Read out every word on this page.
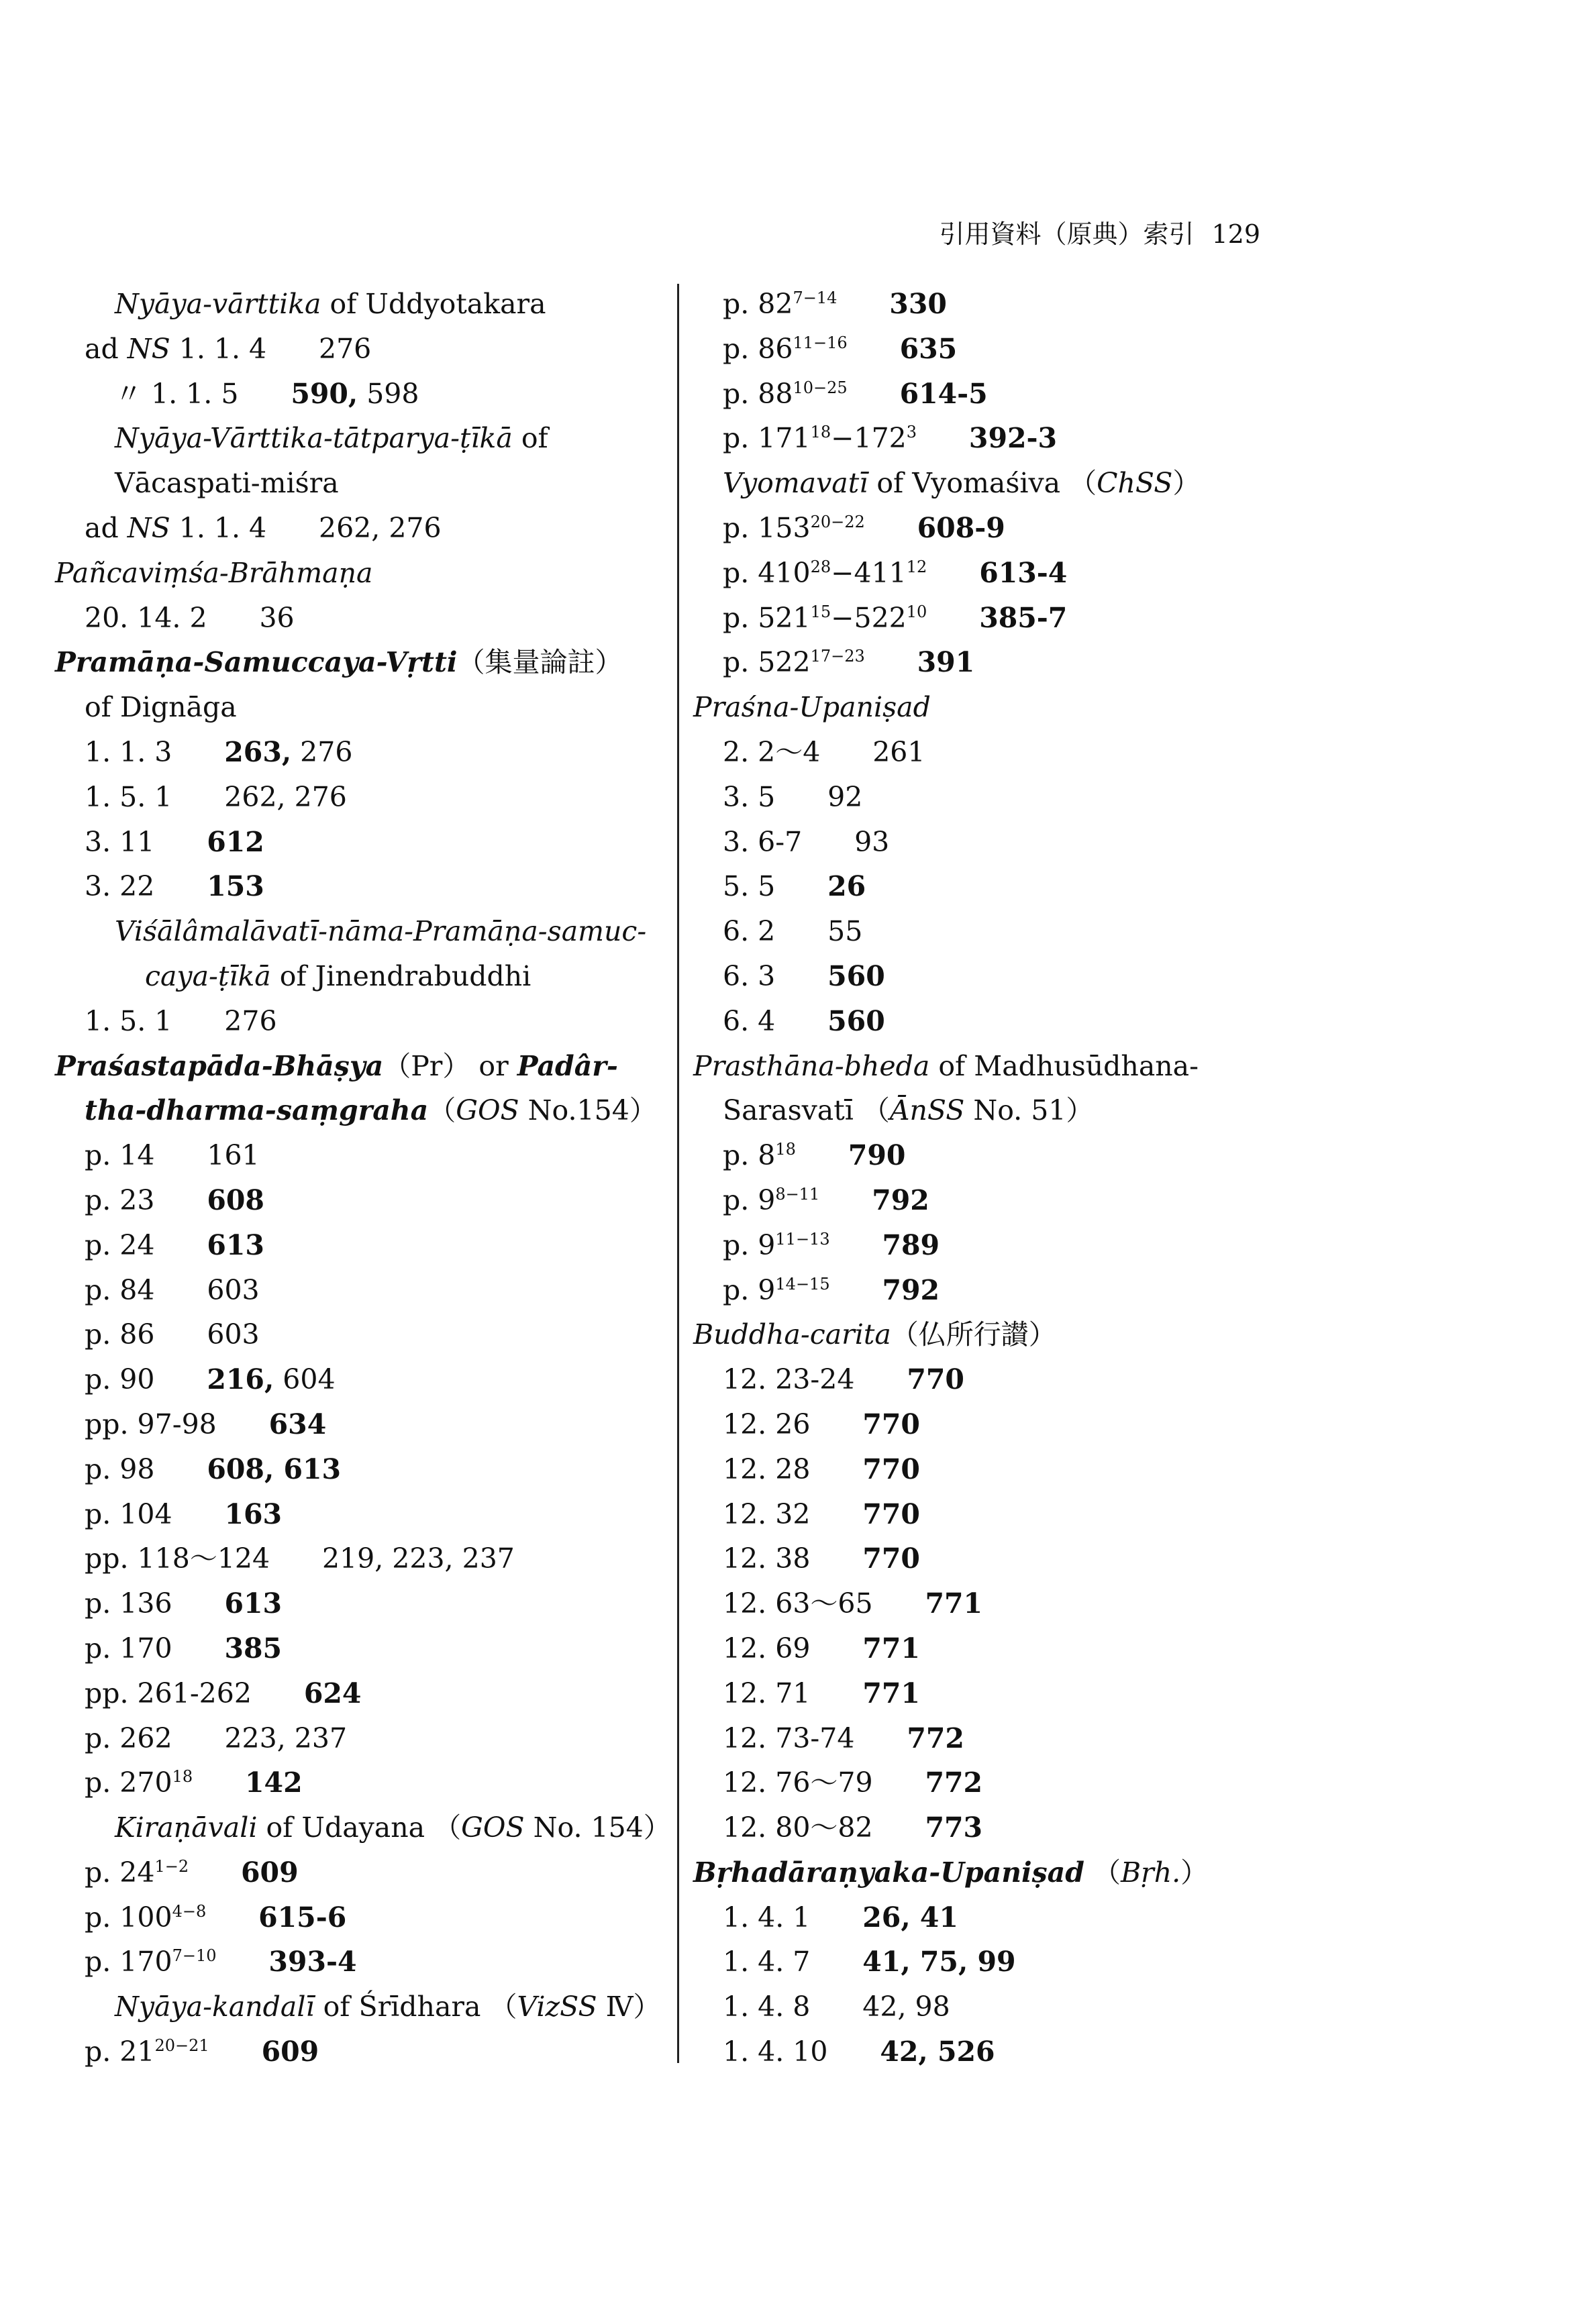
引用資料（原典）索引 129
Nyāya-vārttika of Uddyotakara
ad NS 1. 1. 4 276
〃 1. 1. 5 590, 598
Nyāya-Vārttika-tātparya-ṭīkā of
Vācaspati-miśra
ad NS 1. 1. 4 262, 276
Pañcaviṃśa-Brāhmaṇa
20. 14. 2 36
Pramāṇa-Samuccaya-Vṛtti（集量論註）
of Dignāga
1. 1. 3 263, 276
1. 5. 1 262, 276
3. 11 612
3. 22 153
Viśālâmalāvatī-nāma-Pramāṇa-samuc-
caya-ṭīkā of Jinendrabuddhi
1. 5. 1 276
Praśastapāda-Bhāṣya（Pr） or Padâr-
tha-dharma-saṃgraha（GOS No.154）
p. 14 161
p. 23 608
p. 24 613
p. 84 603
p. 86 603
p. 90 216, 604
pp. 97-98 634
p. 98 608, 613
p. 104 163
pp. 118〜124 219, 223, 237
p. 136 613
p. 170 385
pp. 261-262 624
p. 262 223, 237
p. $270^{18}$ 142
Kiraṇāvali of Udayana （GOS No. 154）
p. $24^{1-2}$ 609
p. $100^{4-8}$ 615-6
p. $170^{7-10}$ 393-4
Nyāya-kandalī of Śrīdhara （VizSS Ⅳ）
p. $21^{20-21}$ 609
p. $82^{7-14}$ 330
p. $86^{11-16}$ 635
p. $88^{10-25}$ 614-5
p. $171^{18}-172^3$ 392-3
Vyomavatī of Vyomaśiva （ChSS）
p. $153^{20-22}$ 608-9
p. $410^{28}-411^{12}$ 613-4
p. $521^{15}-522^{10}$ 385-7
p. $522^{17-23}$ 391
Praśna-Upaniṣad
2. 2〜4 261
3. 5 92
3. 6-7 93
5. 5 26
6. 2 55
6. 3 560
6. 4 560
Prasthāna-bheda of Madhusūdhana-
Sarasvatī （ĀnSS No. 51）
p. $8^{18}$ 790
p. $9^{8-11}$ 792
p. $9^{11-13}$ 789
p. $9^{14-15}$ 792
Buddha-carita（仏所行讃）
12. 23-24 770
12. 26 770
12. 28 770
12. 32 770
12. 38 770
12. 63〜65 771
12. 69 771
12. 71 771
12. 73-74 772
12. 76〜79 772
12. 80〜82 773
Bṛhadāraṇyaka-Upaniṣad （Bṛh.）
1. 4. 1 26, 41
1. 4. 7 41, 75, 99
1. 4. 8 42, 98
1. 4. 10 42, 526
